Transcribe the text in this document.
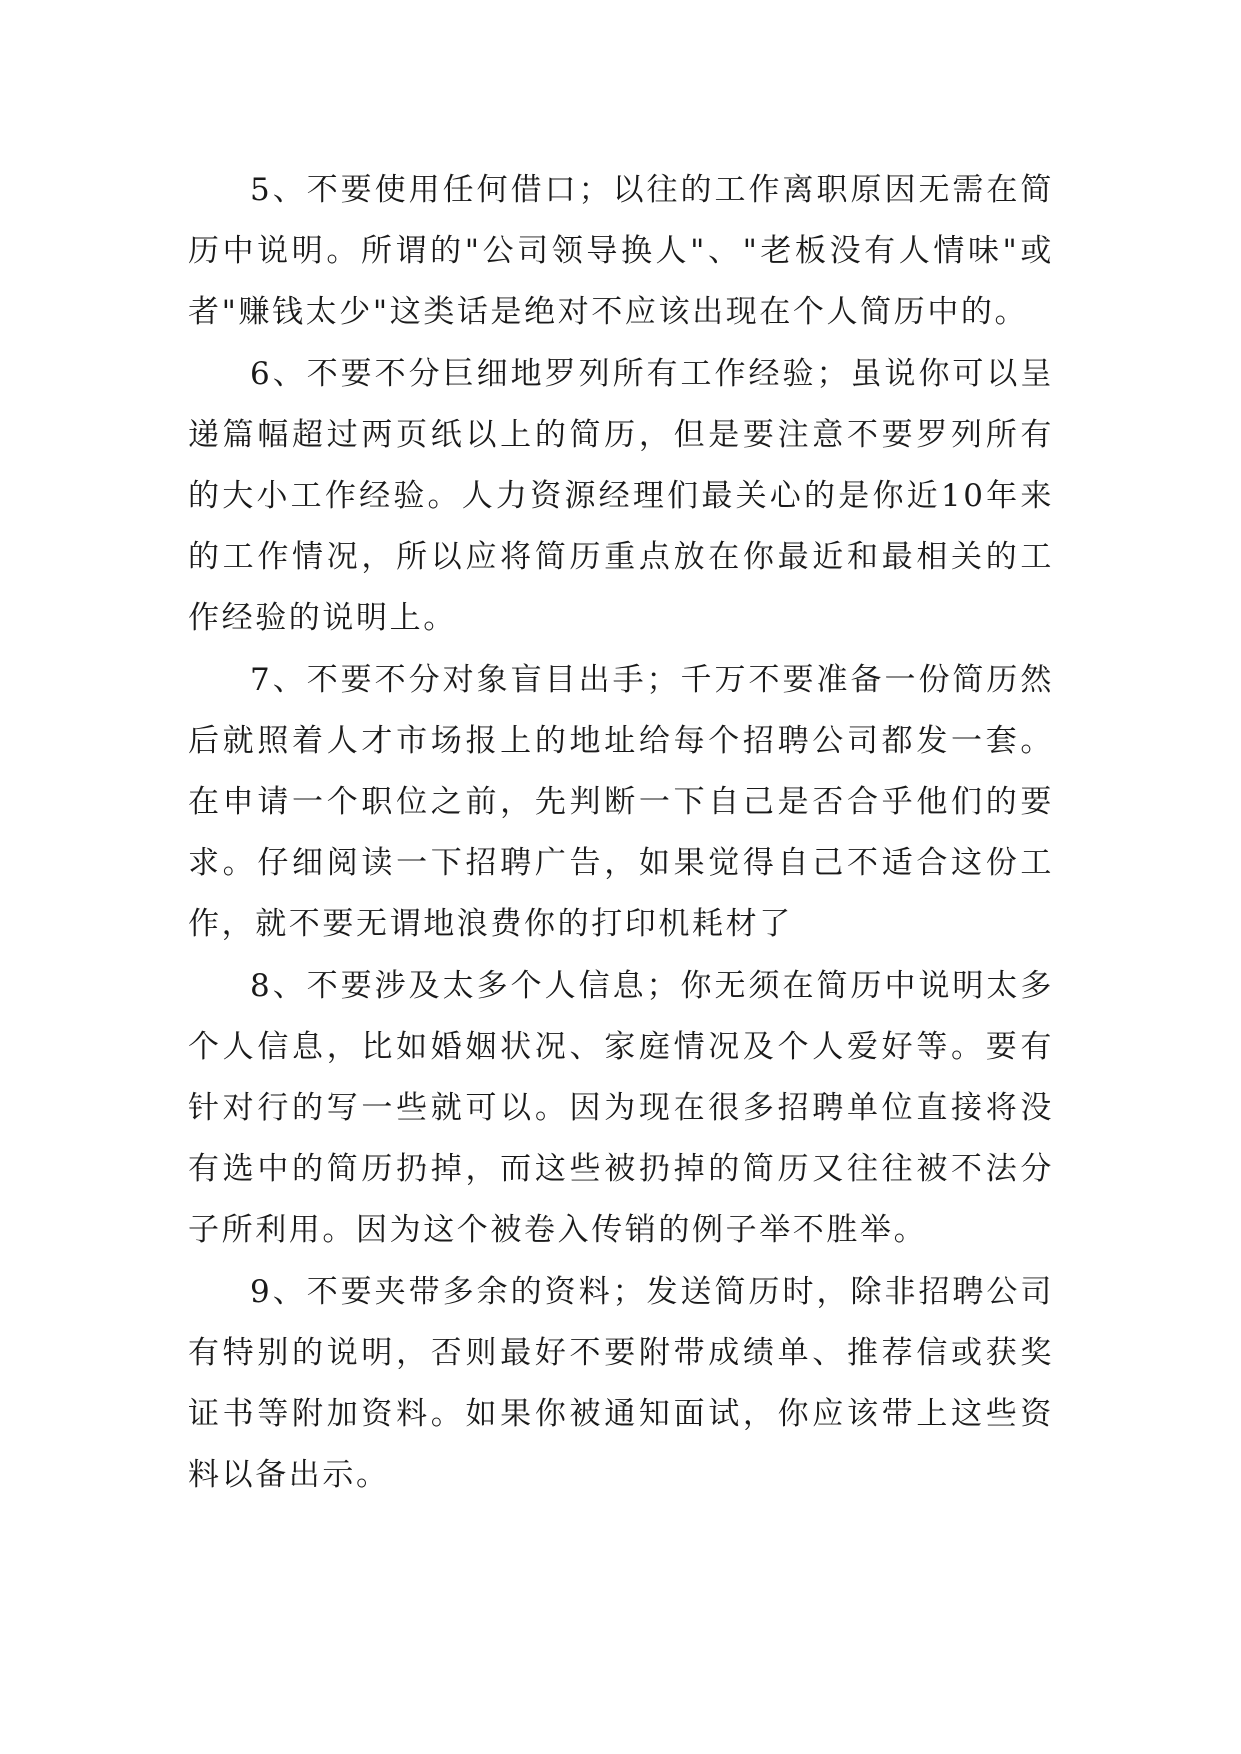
5、不要使用任何借口；以往的工作离职原因无需在简历中说明。所谓的"公司领导换人"、"老板没有人情味"或者"赚钱太少"这类话是绝对不应该出现在个人简历中的。

6、不要不分巨细地罗列所有工作经验；虽说你可以呈递篇幅超过两页纸以上的简历，但是要注意不要罗列所有的大小工作经验。人力资源经理们最关心的是你近10年来的工作情况，所以应将简历重点放在你最近和最相关的工作经验的说明上。

7、不要不分对象盲目出手；千万不要准备一份简历然后就照着人才市场报上的地址给每个招聘公司都发一套。在申请一个职位之前，先判断一下自己是否合乎他们的要求。仔细阅读一下招聘广告，如果觉得自己不适合这份工作，就不要无谓地浪费你的打印机耗材了

8、不要涉及太多个人信息；你无须在简历中说明太多个人信息，比如婚姻状况、家庭情况及个人爱好等。要有针对行的写一些就可以。因为现在很多招聘单位直接将没有选中的简历扔掉，而这些被扔掉的简历又往往被不法分子所利用。因为这个被卷入传销的例子举不胜举。

9、不要夹带多余的资料；发送简历时，除非招聘公司有特别的说明，否则最好不要附带成绩单、推荐信或获奖证书等附加资料。如果你被通知面试，你应该带上这些资料以备出示。
